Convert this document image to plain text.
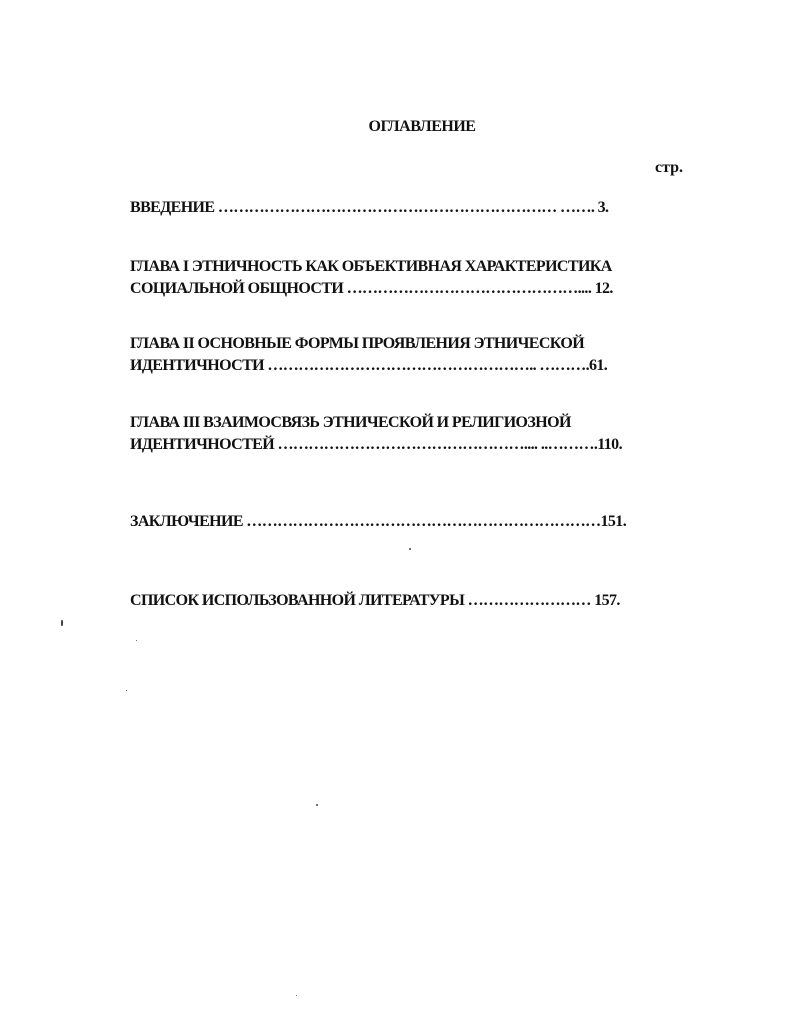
ОГЛАВЛЕНИЕ
стр.
ВВЕДЕНИЕ ………………………………………………………… ……. 3.
ГЛАВА I ЭТНИЧНОСТЬ КАК ОБЪЕКТИВНАЯ ХАРАКТЕРИСТИКА
СОЦИАЛЬНОЙ ОБЩНОСТИ ……………………………………….... 12.
ГЛАВА II ОСНОВНЫЕ ФОРМЫ ПРОЯВЛЕНИЯ ЭТНИЧЕСКОЙ
ИДЕНТИЧНОСТИ …………………………………………….. ……….61.
ГЛАВА III ВЗАИМОСВЯЗЬ ЭТНИЧЕСКОЙ И РЕЛИГИОЗНОЙ
ИДЕНТИЧНОСТЕЙ ………………………………………….... ..……….110.
ЗАКЛЮЧЕНИЕ ……………………………………………………………151.
СПИСОК ИСПОЛЬЗОВАННОЙ ЛИТЕРАТУРЫ …………………… 157.
